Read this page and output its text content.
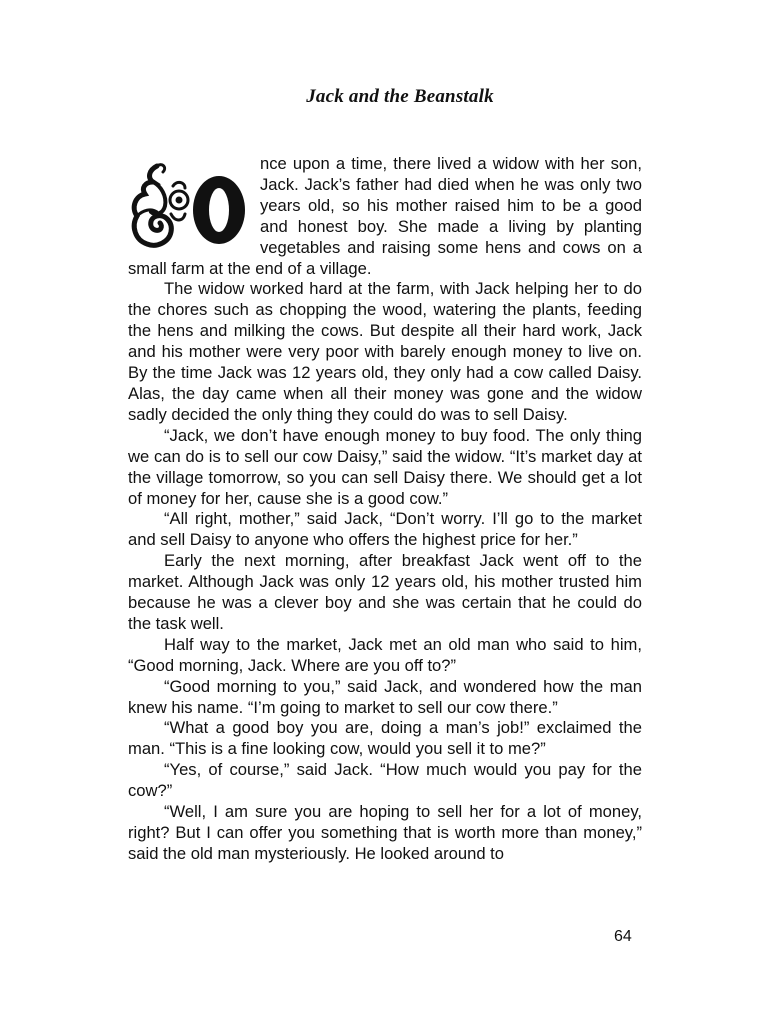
Jack and the Beanstalk

nce upon a time, there lived a widow with her son, Jack. Jack’s father had died when he was only two years old, so his mother raised him to be a good and honest boy. She made a living by planting vegetables and raising some hens and cows on a small farm at the end of a village.

The widow worked hard at the farm, with Jack helping her to do the chores such as chopping the wood, watering the plants, feeding the hens and milking the cows. But despite all their hard work, Jack and his mother were very poor with barely enough money to live on. By the time Jack was 12 years old, they only had a cow called Daisy. Alas, the day came when all their money was gone and the widow sadly decided the only thing they could do was to sell Daisy.

“Jack, we don’t have enough money to buy food. The only thing we can do is to sell our cow Daisy,” said the widow. “It’s market day at the village tomorrow, so you can sell Daisy there. We should get a lot of money for her, cause she is a good cow.”

“All right, mother,” said Jack, “Don’t worry. I’ll go to the market and sell Daisy to anyone who offers the highest price for her.”

Early the next morning, after breakfast Jack went off to the market. Although Jack was only 12 years old, his mother trusted him because he was a clever boy and she was certain that he could do the task well.

Half way to the market, Jack met an old man who said to him, “Good morning, Jack. Where are you off to?”

“Good morning to you,” said Jack, and wondered how the man knew his name. “I’m going to market to sell our cow there.”

“What a good boy you are, doing a man’s job!” exclaimed the man. “This is a fine looking cow, would you sell it to me?”

“Yes, of course,” said Jack. “How much would you pay for the cow?”

“Well, I am sure you are hoping to sell her for a lot of money, right? But I can offer you something that is worth more than money,” said the old man mysteriously. He looked around to

64
